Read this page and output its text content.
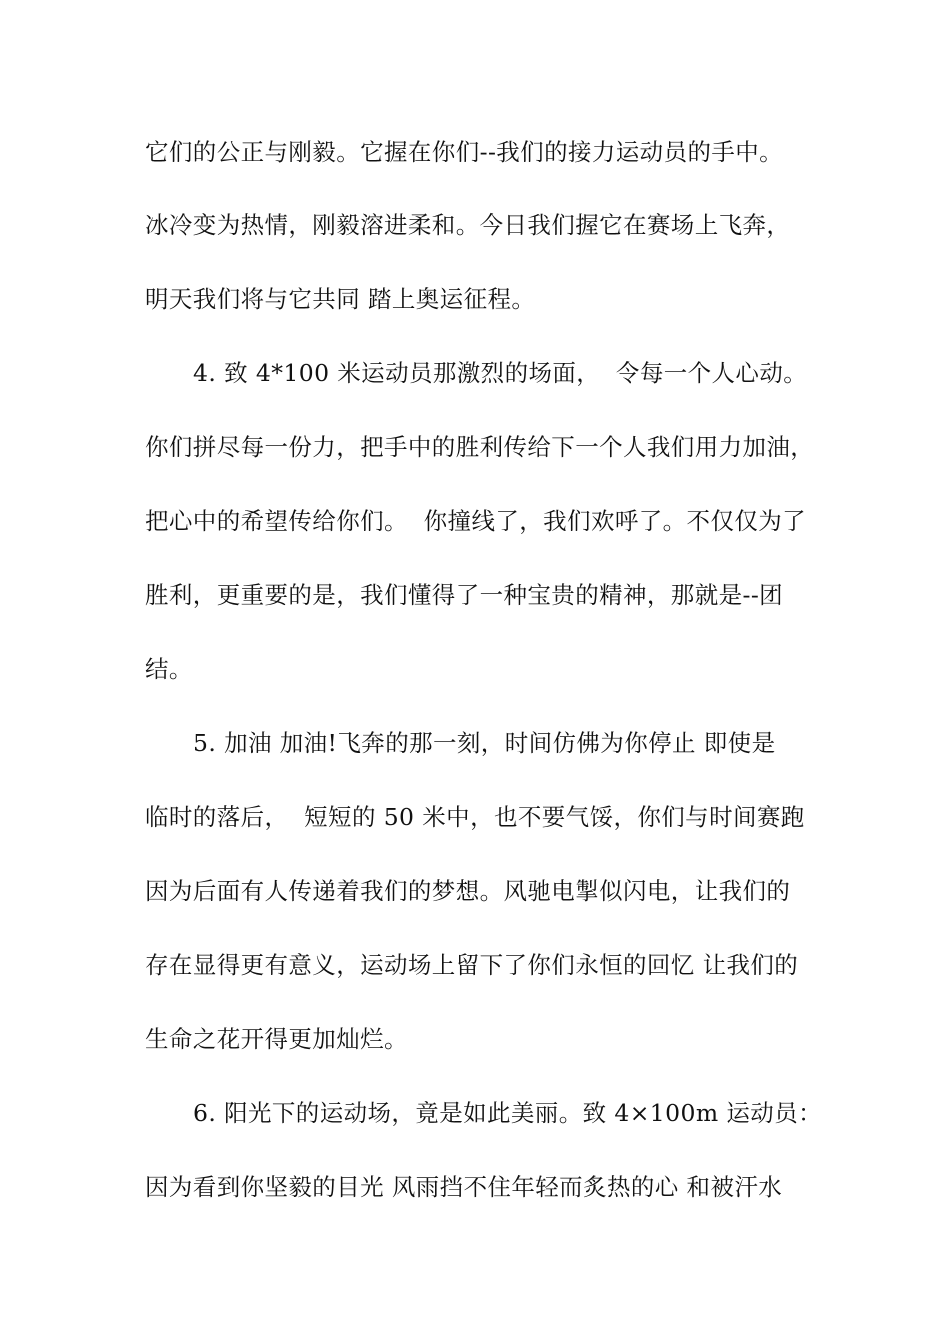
它们的公正与刚毅。它握在你们--我们的接力运动员的手中。
冰冷变为热情，刚毅溶进柔和。今日我们握它在赛场上飞奔，
明天我们将与它共同 踏上奥运征程。
4. 致 4*100 米运动员那激烈的场面，  令每一个人心动。
你们拼尽每一份力，把手中的胜利传给下一个人我们用力加油，
把心中的希望传给你们。  你撞线了，我们欢呼了。不仅仅为了
胜利，更重要的是，我们懂得了一种宝贵的精神，那就是--团
结。
5. 加油 加油!飞奔的那一刻，时间仿佛为你停止 即使是
临时的落后，  短短的 50 米中，也不要气馁，你们与时间赛跑
因为后面有人传递着我们的梦想。风驰电掣似闪电，让我们的
存在显得更有意义，运动场上留下了你们永恒的回忆 让我们的
生命之花开得更加灿烂。
6. 阳光下的运动场，竟是如此美丽。致 4×100m 运动员：
因为看到你坚毅的目光 风雨挡不住年轻而炙热的心 和被汗水
